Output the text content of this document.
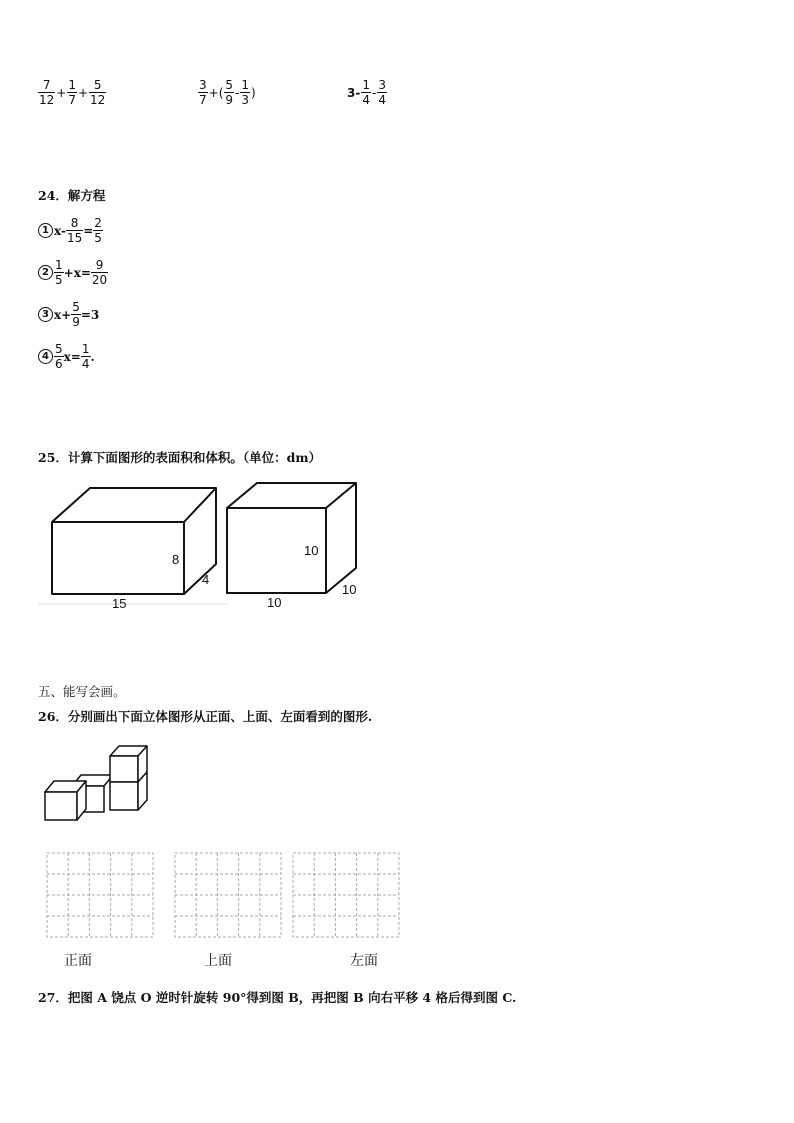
$\frac{7}{12} + \frac{1}{7} + \frac{5}{12}$	$\frac{3}{7}$ +( $\frac{5}{9} - \frac{1}{3}$ )	$3- \frac{1}{4} - \frac{3}{4}$
24．解方程
1 $x- \frac{8}{15} = \frac{2}{5}$
$2 \frac{1}{5} +x= \frac{9}{20}$
3 $x+ \frac{5}{9} =3$
$4 \frac{5}{6} x= \frac{1}{4}$ .
25．计算下面图形的表面积和体积。（单位：dm）
8
4
15
10
10
10
五、能写会画。
26．分别画出下面立体图形从正面、上面、左面看到的图形.
正面	上面	左面
27．把图 A 饶点 O 逆时针旋转 90°得到图 B，再把图 B 向右平移 4 格后得到图 C.
